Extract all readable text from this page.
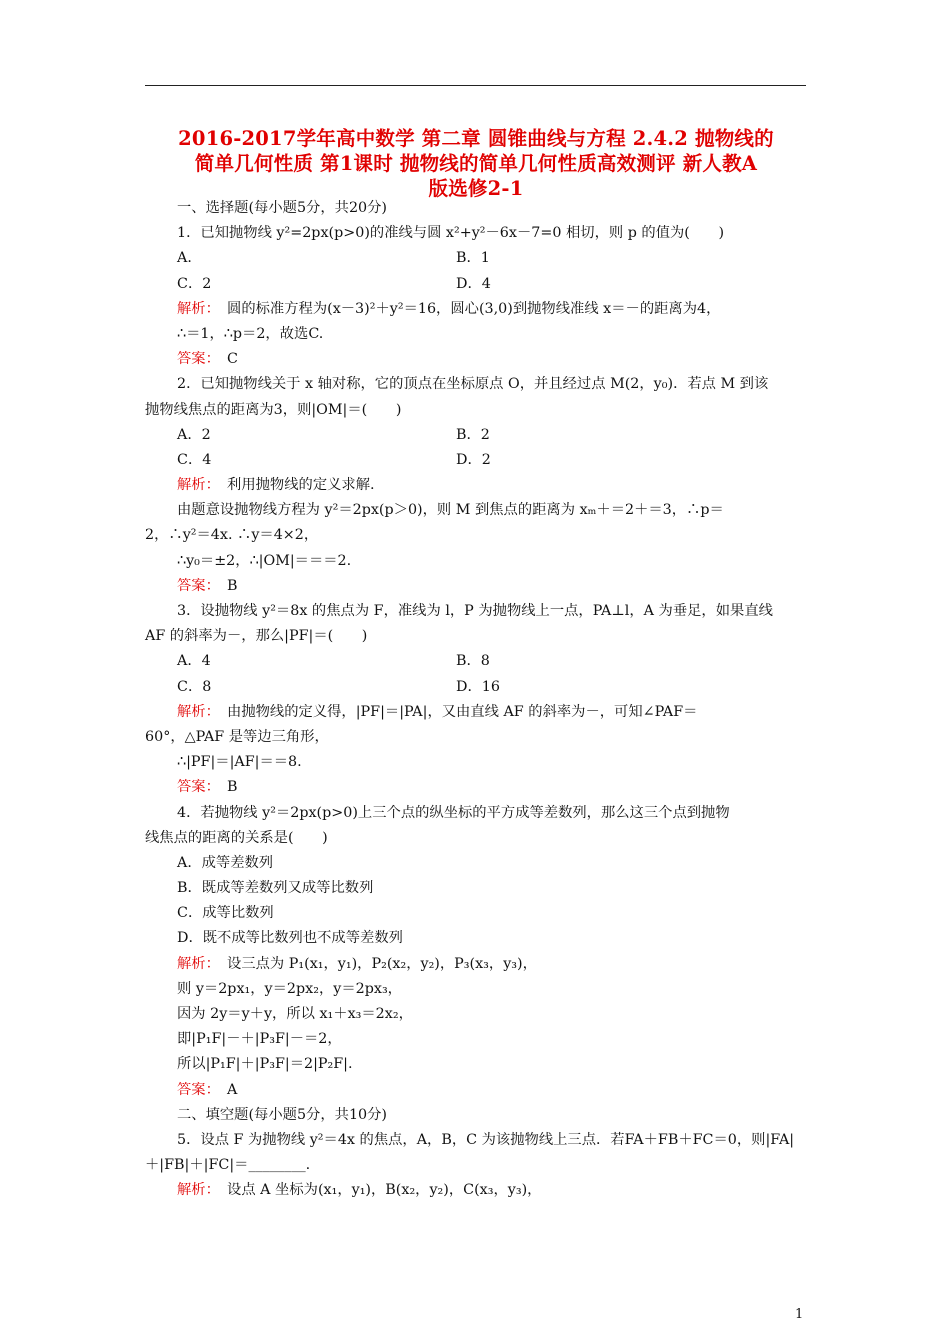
2016-2017学年高中数学 第二章 圆锥曲线与方程 2.4.2 抛物线的
简单几何性质 第1课时 抛物线的简单几何性质高效测评 新人教A
版选修2-1
一、选择题(每小题5分，共20分)
1．已知抛物线 y²=2px(p>0)的准线与圆 x²+y²－6x－7=0 相切，则 p 的值为(　　)
A．	B．1
C．2	D．4
解析：　圆的标准方程为(x－3)²＋y²＝16，圆心(3,0)到抛物线准线 x＝－的距离为4，
∴＝1，∴p＝2，故选C.
答案：　C
2．已知抛物线关于 x 轴对称，它的顶点在坐标原点 O，并且经过点 M(2，y₀)．若点 M 到该
抛物线焦点的距离为3，则|OM|＝(　　)
A．2	B．2
C．4	D．2
解析：　利用抛物线的定义求解.
由题意设抛物线方程为 y²＝2px(p＞0)，则 M 到焦点的距离为 xₘ＋＝2＋＝3，∴p＝
2，∴y²＝4x. ∴y＝4×2，
∴y₀＝±2，∴|OM|＝＝＝2.
答案：　B
3．设抛物线 y²＝8x 的焦点为 F，准线为 l，P 为抛物线上一点，PA⊥l，A 为垂足，如果直线
AF 的斜率为－，那么|PF|＝(　　)
A．4	B．8
C．8	D．16
解析：　由抛物线的定义得，|PF|＝|PA|，又由直线 AF 的斜率为－，可知∠PAF＝
60°，△PAF 是等边三角形，
∴|PF|＝|AF|＝＝8.
答案：　B
4．若抛物线 y²＝2px(p>0)上三个点的纵坐标的平方成等差数列，那么这三个点到抛物
线焦点的距离的关系是(　　)
A．成等差数列
B．既成等差数列又成等比数列
C．成等比数列
D．既不成等比数列也不成等差数列
解析：　设三点为 P₁(x₁，y₁)，P₂(x₂，y₂)，P₃(x₃，y₃)，
则 y＝2px₁，y＝2px₂，y＝2px₃，
因为 2y＝y＋y，所以 x₁＋x₃＝2x₂，
即|P₁F|－＋|P₃F|－＝2，
所以|P₁F|＋|P₃F|＝2|P₂F|.
答案：　A
二、填空题(每小题5分，共10分)
5．设点 F 为抛物线 y²＝4x 的焦点，A，B，C 为该抛物线上三点．若FA＋FB＋FC＝0，则|FA|
＋|FB|＋|FC|＝________.
解析：　设点 A 坐标为(x₁，y₁)，B(x₂，y₂)，C(x₃，y₃)，
1
